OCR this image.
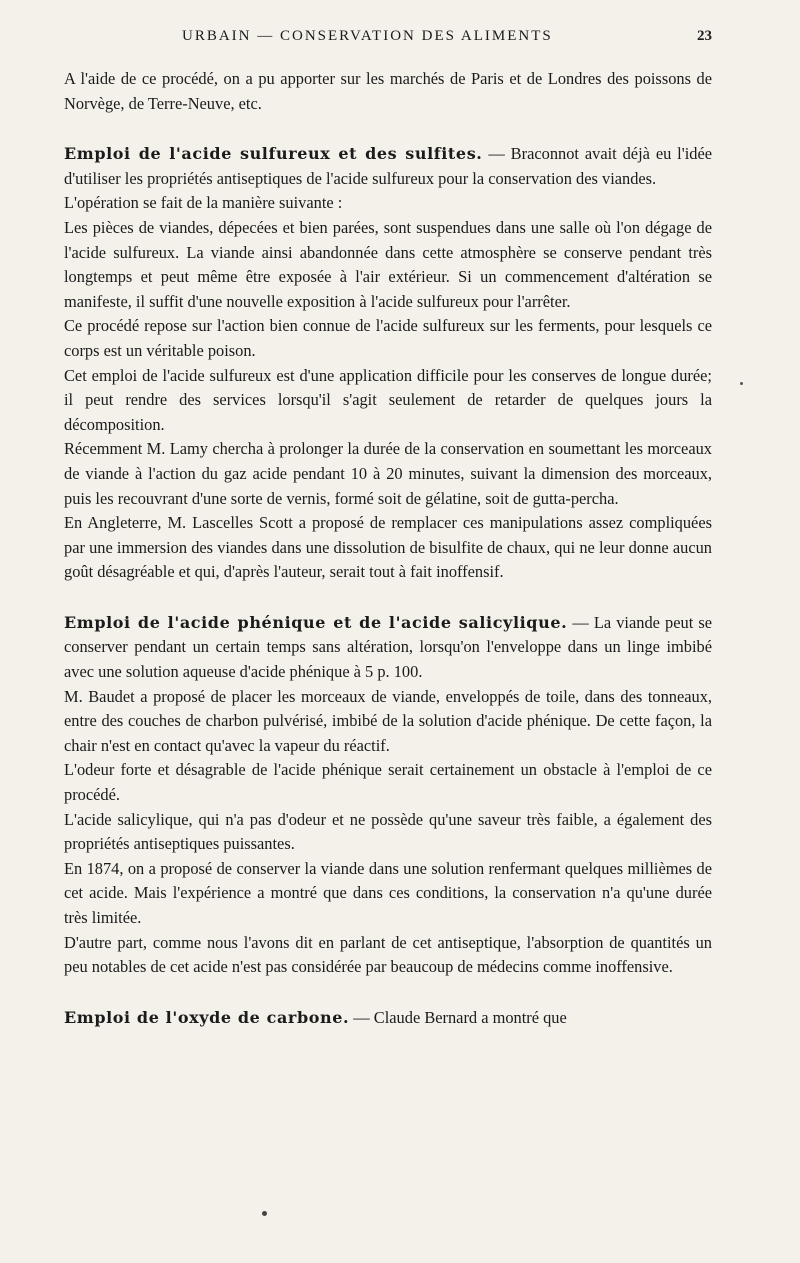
URBAIN — CONSERVATION DES ALIMENTS	23

A l'aide de ce procédé, on a pu apporter sur les marchés de Paris et de Londres des poissons de Norvège, de Terre-Neuve, etc.

Emploi de l'acide sulfureux et des sulfites. — Braconnot avait déjà eu l'idée d'utiliser les propriétés antiseptiques de l'acide sulfureux pour la conservation des viandes.

L'opération se fait de la manière suivante :

Les pièces de viandes, dépecées et bien parées, sont suspendues dans une salle où l'on dégage de l'acide sulfureux. La viande ainsi abandonnée dans cette atmosphère se conserve pendant très longtemps et peut même être exposée à l'air extérieur. Si un commencement d'altération se manifeste, il suffit d'une nouvelle exposition à l'acide sulfureux pour l'arrêter.

Ce procédé repose sur l'action bien connue de l'acide sulfureux sur les ferments, pour lesquels ce corps est un véritable poison.

Cet emploi de l'acide sulfureux est d'une application difficile pour les conserves de longue durée; il peut rendre des services lorsqu'il s'agit seulement de retarder de quelques jours la décomposition.

Récemment M. Lamy chercha à prolonger la durée de la conservation en soumettant les morceaux de viande à l'action du gaz acide pendant 10 à 20 minutes, suivant la dimension des morceaux, puis les recouvrant d'une sorte de vernis, formé soit de gélatine, soit de gutta-percha.

En Angleterre, M. Lascelles Scott a proposé de remplacer ces manipulations assez compliquées par une immersion des viandes dans une dissolution de bisulfite de chaux, qui ne leur donne aucun goût désagréable et qui, d'après l'auteur, serait tout à fait inoffensif.

Emploi de l'acide phénique et de l'acide salicylique. — La viande peut se conserver pendant un certain temps sans altération, lorsqu'on l'enveloppe dans un linge imbibé avec une solution aqueuse d'acide phénique à 5 p. 100.

M. Baudet a proposé de placer les morceaux de viande, enveloppés de toile, dans des tonneaux, entre des couches de charbon pulvérisé, imbibé de la solution d'acide phénique. De cette façon, la chair n'est en contact qu'avec la vapeur du réactif.

L'odeur forte et désagrable de l'acide phénique serait certainement un obstacle à l'emploi de ce procédé.

L'acide salicylique, qui n'a pas d'odeur et ne possède qu'une saveur très faible, a également des propriétés antiseptiques puissantes.

En 1874, on a proposé de conserver la viande dans une solution renfermant quelques millièmes de cet acide. Mais l'expérience a montré que dans ces conditions, la conservation n'a qu'une durée très limitée.

D'autre part, comme nous l'avons dit en parlant de cet antiseptique, l'absorption de quantités un peu notables de cet acide n'est pas considérée par beaucoup de médecins comme inoffensive.

Emploi de l'oxyde de carbone. — Claude Bernard a montré que
